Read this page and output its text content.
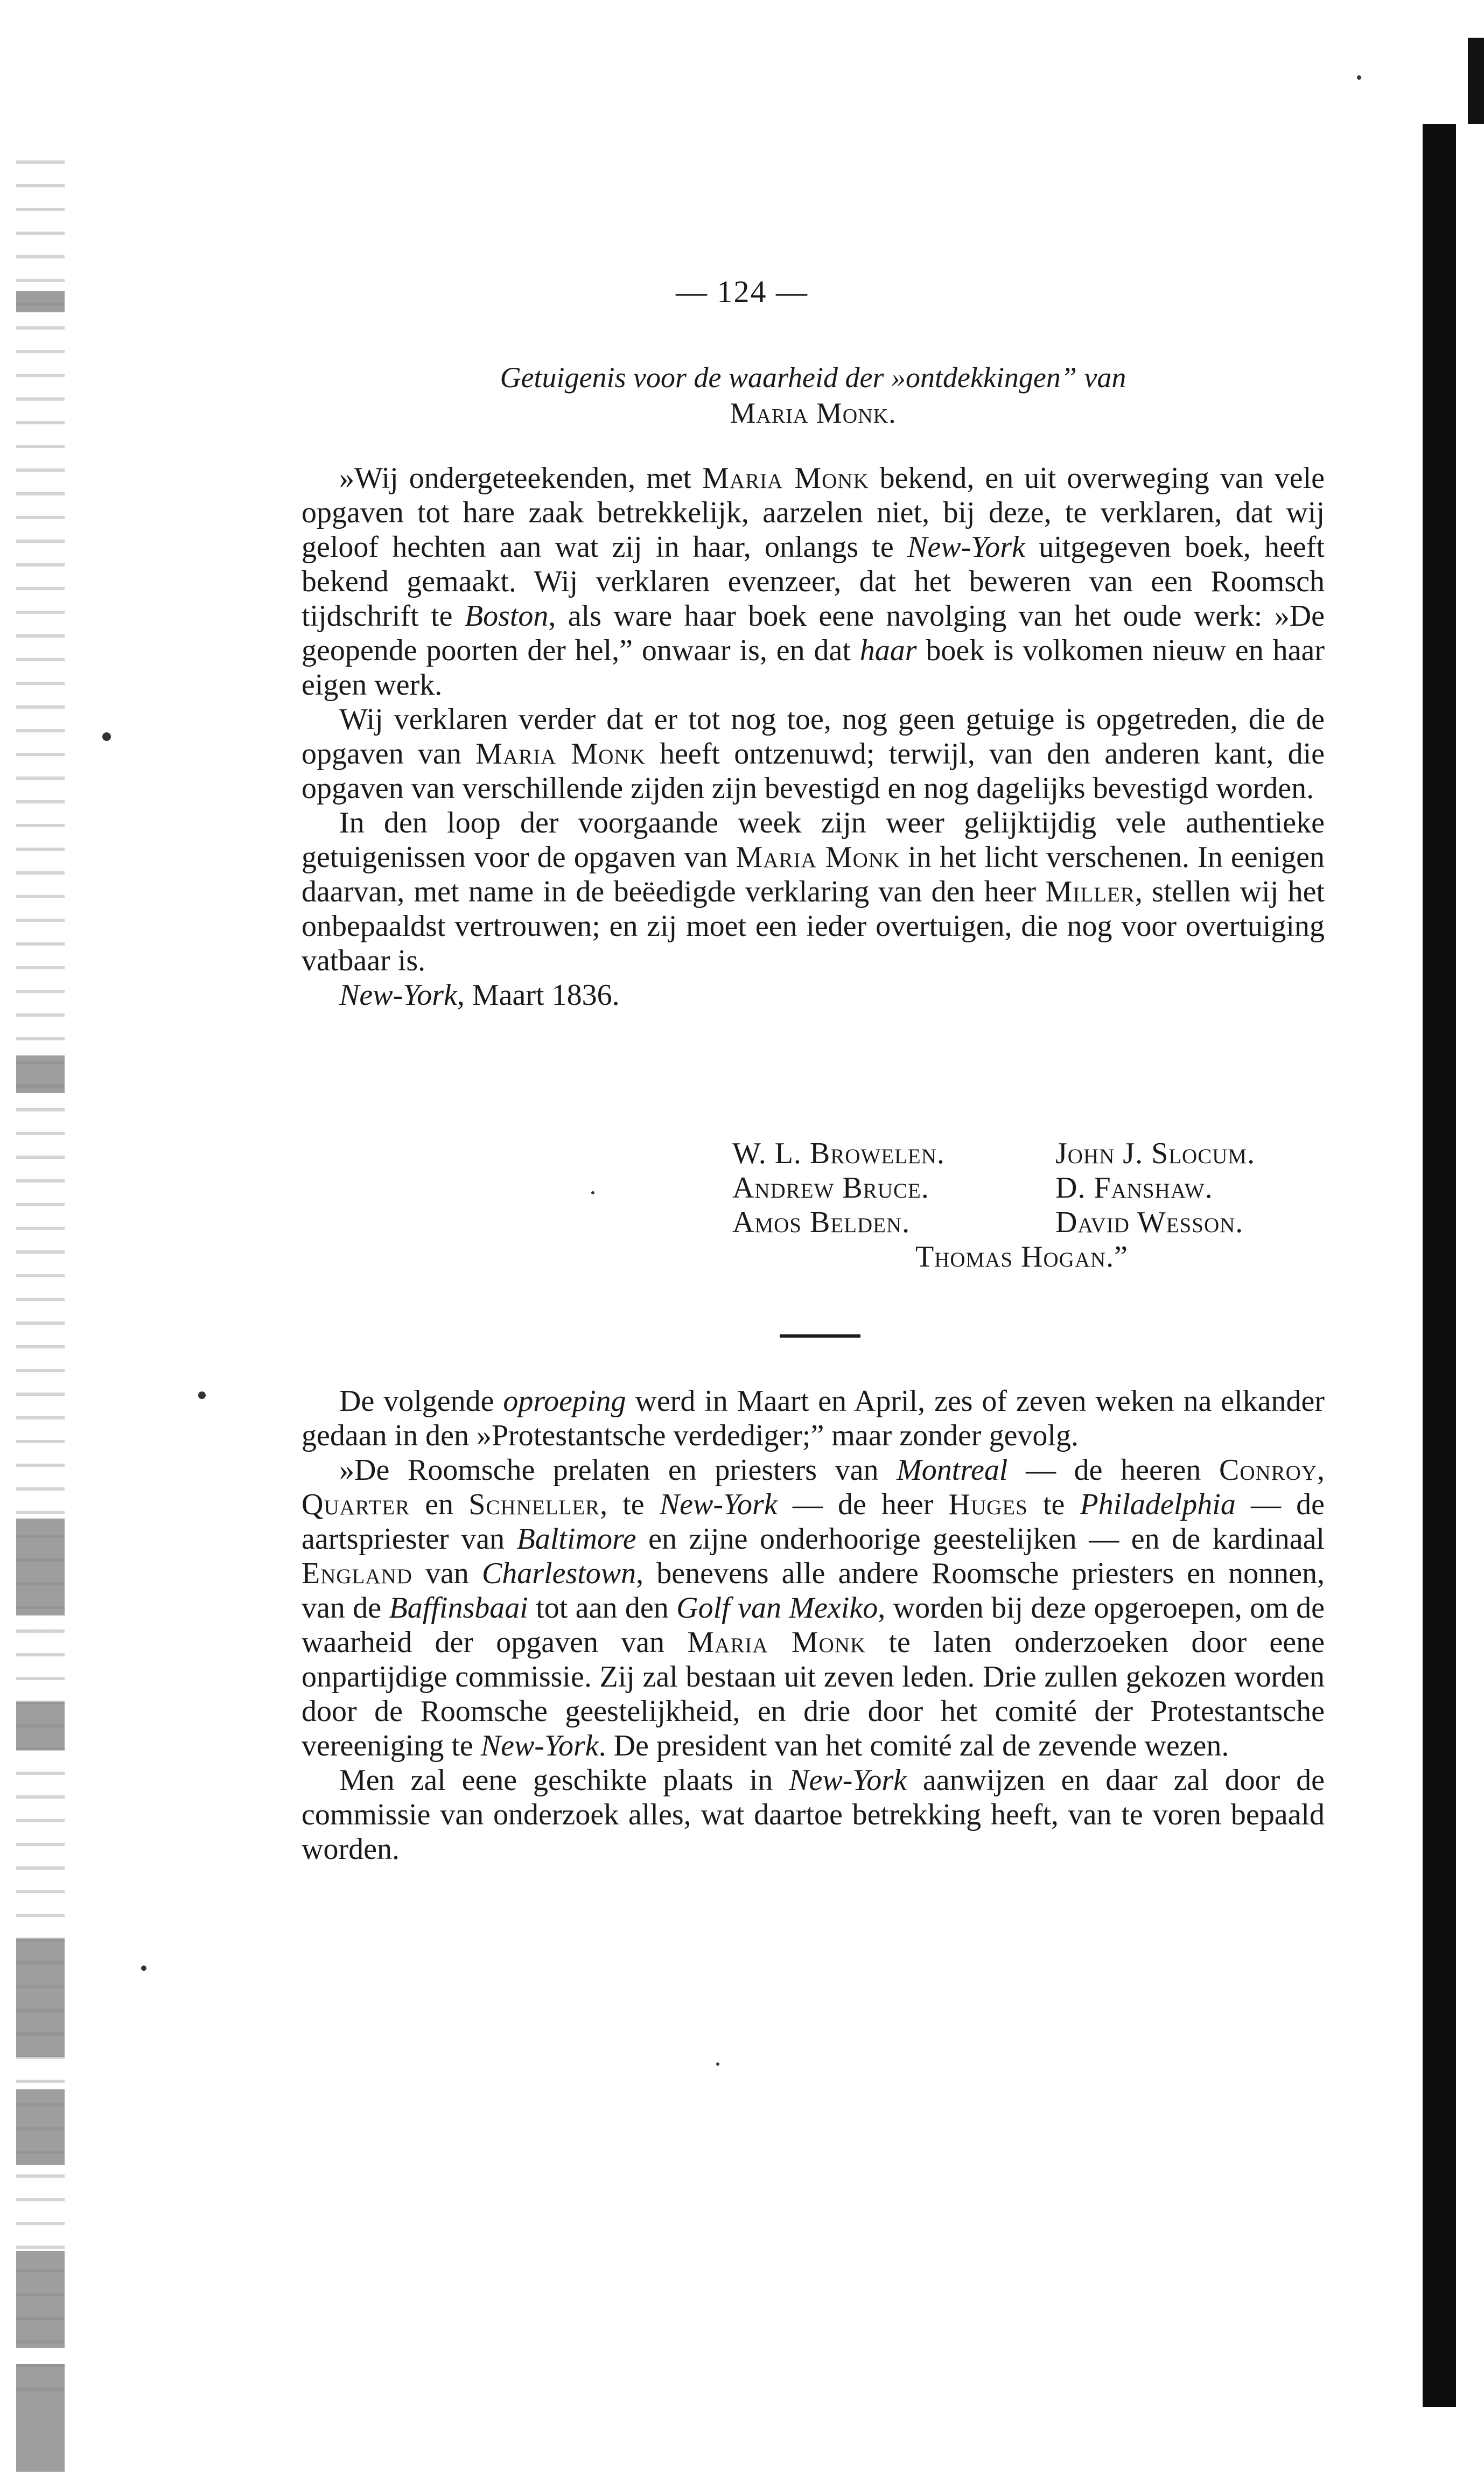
— 124 —
Getuigenis voor de waarheid der »ontdekkingen” van
Maria Monk.

»Wij ondergeteekenden, met Maria Monk bekend, en uit overweging van vele opgaven tot hare zaak betrekkelijk, aarzelen niet, bij deze, te verklaren, dat wij geloof hechten aan wat zij in haar, onlangs te New-York uitgegeven boek, heeft bekend gemaakt. Wij verklaren evenzeer, dat het beweren van een Roomsch tijdschrift te Boston, als ware haar boek eene navolging van het oude werk: »De geopende poorten der hel,” onwaar is, en dat haar boek is volkomen nieuw en haar eigen werk.

Wij verklaren verder dat er tot nog toe, nog geen getuige is opgetreden, die de opgaven van Maria Monk heeft ontzenuwd; terwijl, van den anderen kant, die opgaven van verschillende zijden zijn bevestigd en nog dagelijks bevestigd worden.

In den loop der voorgaande week zijn weer gelijktijdig vele authentieke getuigenissen voor de opgaven van Maria Monk in het licht verschenen. In eenigen daarvan, met name in de beëedigde verklaring van den heer Miller, stellen wij het onbepaaldst vertrouwen; en zij moet een ieder overtuigen, die nog voor overtuiging vatbaar is.

New-York, Maart 1836.

W. L. Browelen.	John J. Slocum.
Andrew Bruce.	D. Fanshaw.
Amos Belden.	David Wesson.
Thomas Hogan.”

De volgende oproeping werd in Maart en April, zes of zeven weken na elkander gedaan in den »Protestantsche verdediger;” maar zonder gevolg.

»De Roomsche prelaten en priesters van Montreal — de heeren Conroy, Quarter en Schneller, te New-York — de heer Huges te Philadelphia — de aartspriester van Baltimore en zijne onderhoorige geestelijken — en de kardinaal England van Charlestown, benevens alle andere Roomsche priesters en nonnen, van de Baffinsbaai tot aan den Golf van Mexiko, worden bij deze opgeroepen, om de waarheid der opgaven van Maria Monk te laten onderzoeken door eene onpartijdige commissie. Zij zal bestaan uit zeven leden. Drie zullen gekozen worden door de Roomsche geestelijkheid, en drie door het comité der Protestantsche vereeniging te New-York. De president van het comité zal de zevende wezen.

Men zal eene geschikte plaats in New-York aanwijzen en daar zal door de commissie van onderzoek alles, wat daartoe betrekking heeft, van te voren bepaald worden.
